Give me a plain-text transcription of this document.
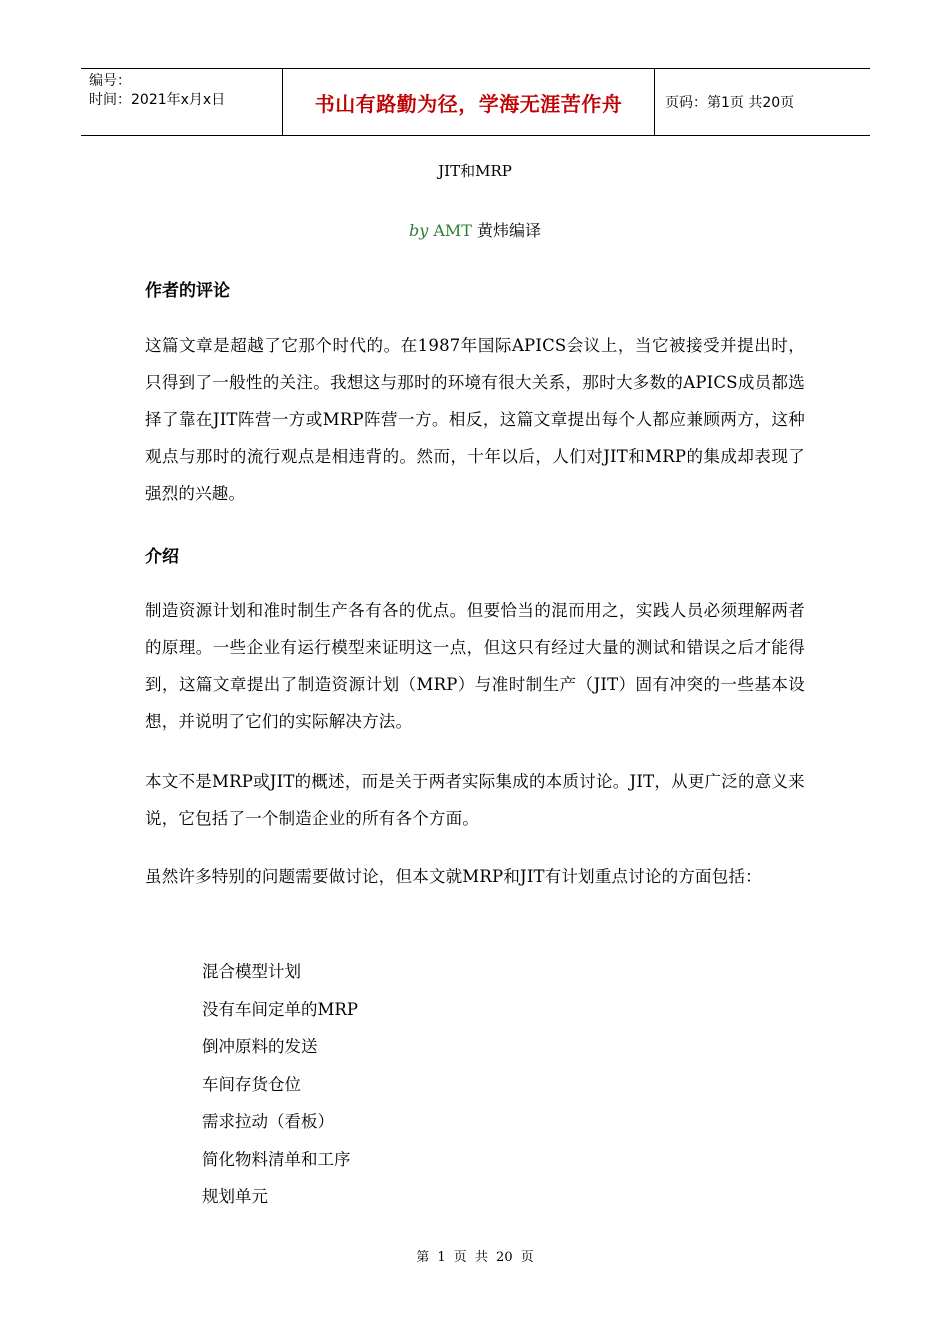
编号：
时间：2021年x月x日	书山有路勤为径，学海无涯苦作舟	页码：第1页 共20页
JIT和MRP
by AMT 黄炜编译
作者的评论
这篇文章是超越了它那个时代的。在1987年国际APICS会议上，当它被接受并提出时，只得到了一般性的关注。我想这与那时的环境有很大关系，那时大多数的APICS成员都选择了靠在JIT阵营一方或MRP阵营一方。相反，这篇文章提出每个人都应兼顾两方，这种观点与那时的流行观点是相违背的。然而，十年以后，人们对JIT和MRP的集成却表现了强烈的兴趣。
介绍
制造资源计划和准时制生产各有各的优点。但要恰当的混而用之，实践人员必须理解两者的原理。一些企业有运行模型来证明这一点，但这只有经过大量的测试和错误之后才能得到，这篇文章提出了制造资源计划（MRP）与准时制生产（JIT）固有冲突的一些基本设想，并说明了它们的实际解决方法。
本文不是MRP或JIT的概述，而是关于两者实际集成的本质讨论。JIT，从更广泛的意义来说，它包括了一个制造企业的所有各个方面。
虽然许多特别的问题需要做讨论，但本文就MRP和JIT有计划重点讨论的方面包括：
混合模型计划
没有车间定单的MRP
倒冲原料的发送
车间存货仓位
需求拉动（看板）
简化物料清单和工序
规划单元
第 1 页 共 20 页
